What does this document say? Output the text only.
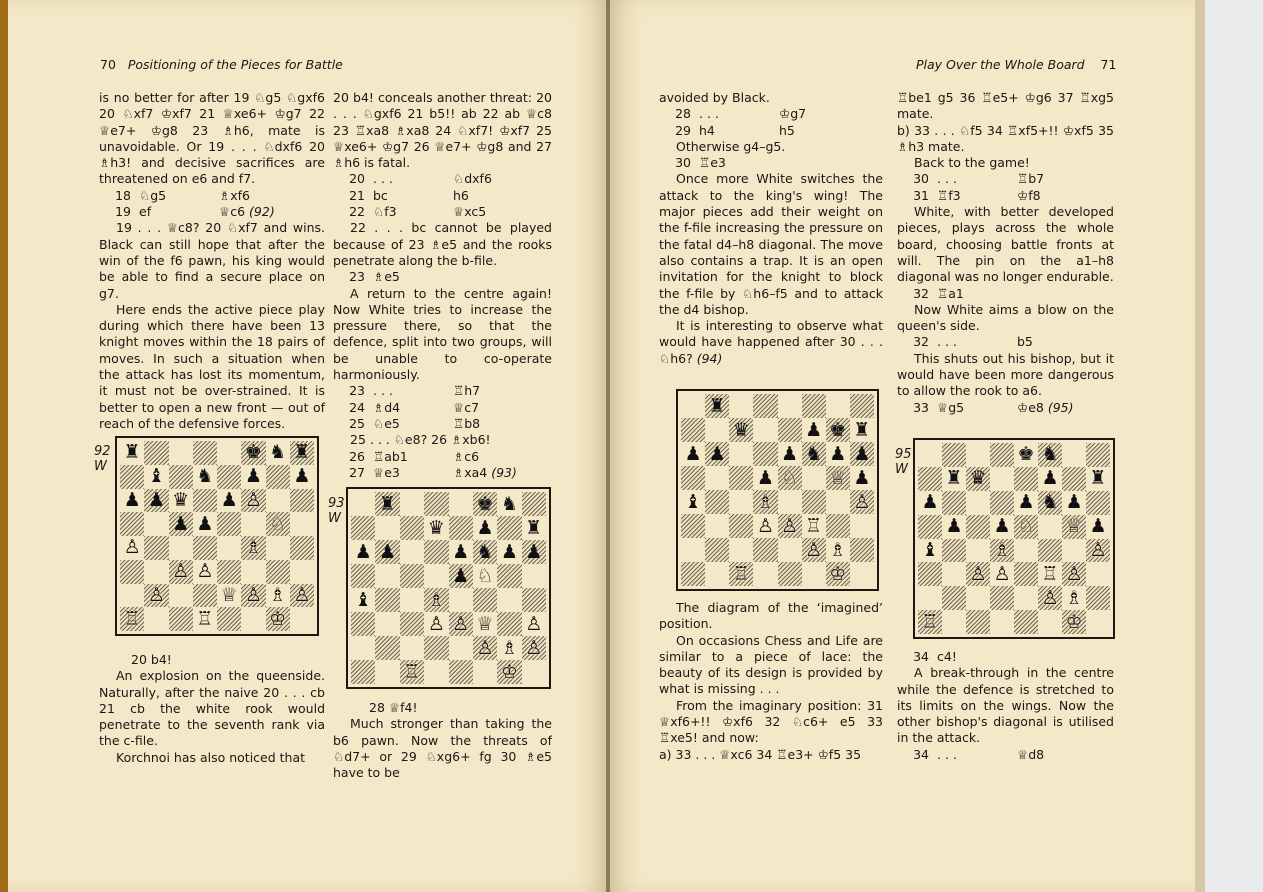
70 Positioning of the Pieces for Battle

is no better for after 19 ♘g5 ♘gxf6 20 ♘xf7 ♔xf7 21 ♕xe6+ ♔g7 22 ♕e7+ ♔g8 23 ♗h6, mate is unavoidable. Or 19 . . . ♘dxf6 20 ♗h3! and decisive sacrifices are threatened on e6 and f7.

18 ♘g5	♗xf6
19 ef	♕c6
(92)

19 . . . ♕c8? 20 ♘xf7 and wins. Black can still hope that after the win of the f6 pawn, his king would be able to find a secure place on g7.

Here ends the active piece play during which there have been 13 knight moves within the 18 pairs of moves. In such a situation when the attack has lost its momentum, it must not be over-strained. It is better to open a new front — out of reach of the defensive forces.

92
W
♜	♚ ♞ ♜
♝ ♞ ♟ ♟
♟ ♟ ♛ ♟ ♙
♟ ♟	♘
♙	♗
♙ ♙
♙	♕ ♙ ♗ ♙
♖	♖	♔

20 b4!

An explosion on the queenside. Naturally, after the naive 20 . . . cb 21 cb the white rook would penetrate to the seventh rank via the c-file.

Korchnoi has also noticed that

20 b4! conceals another threat: 20 . . . ♘gxf6 21 b5!! ab 22 ab ♕c8 23 ♖xa8 ♗xa8 24 ♘xf7! ♔xf7 25 ♕xe6+ ♔g7 26 ♕e7+ ♔g8 and 27 ♗h6 is fatal.

20 . . .	♘dxf6
21 bc	h6
22 ♘f3	♕xc5

22 . . . bc cannot be played because of 23 ♗e5 and the rooks penetrate along the b-file.

23 ♗e5

A return to the centre again! Now White tries to increase the pressure there, so that the defence, split into two groups, will be unable to co-operate harmoniously.

23 . . .	♖h7
24 ♗d4	♕c7
25 ♘e5	♖b8

25 . . . ♘e8? 26 ♗xb6!

26 ♖ab1	♗c6
27 ♕e3	♗xa4
(93)
93
W
♜	♚ ♞
♛ ♟ ♜
♟ ♟	♟ ♞ ♟ ♟
♟ ♘
♝	♗
♙ ♙ ♕ ♙
♙ ♗ ♙
♖	♔

28 ♕f4!

Much stronger than taking the b6 pawn. Now the threats of ♘d7+ or 29 ♘xg6+ fg 30 ♗e5 have to be

Play Over the Whole Board 71

avoided by Black.

28 . . .	♔g7
29 h4	h5

Otherwise g4–g5.

30 ♖e3

Once more White switches the attack to the king's wing! The major pieces add their weight on the f-file increasing the pressure on the fatal d4–h8 diagonal. The move also contains a trap. It is an open invitation for the knight to block the f-file by ♘h6–f5 and to attack the d4 bishop.

It is interesting to observe what would have happened after 30 . . . ♘h6? (94)

♜
♛	♟ ♚ ♜
♟ ♟	♟ ♞ ♟ ♟
♟ ♘ ♕ ♟
♝	♗	♙
♙ ♙ ♖
♙ ♗
♖	♔

The diagram of the ‘imagined’ position.

On occasions Chess and Life are similar to a piece of lace: the beauty of its design is provided by what is missing . . .

From the imaginary position: 31 ♕xf6+!! ♔xf6 32 ♘c6+ e5 33 ♖xe5! and now:

a) 33 . . . ♕xc6 34 ♖e3+ ♔f5 35

♖be1 g5 36 ♖e5+ ♔g6 37 ♖xg5 mate.

b) 33 . . . ♘f5 34 ♖xf5+!! ♔xf5 35 ♗h3 mate.

Back to the game!

30 . . .	♖b7
31 ♖f3	♔f8

White, with better developed pieces, plays across the whole board, choosing battle fronts at will. The pin on the a1–h8 diagonal was no longer endurable.

32 ♖a1

Now White aims a blow on the queen's side.

32 . . .	b5

This shuts out his bishop, but it would have been more dangerous to allow the rook to a6.

33 ♕g5	♔e8
(95)
95
W
♚ ♞
♜ ♛	♟ ♜
♟	♟ ♞ ♟
♟ ♟ ♘ ♕ ♟
♝	♗	♙
♙ ♙ ♖ ♙
♙ ♗
♖	♔
34 c4!

A break-through in the centre while the defence is stretched to its limits on the wings. Now the other bishop's diagonal is utilised in the attack.

34 . . .	♕d8
